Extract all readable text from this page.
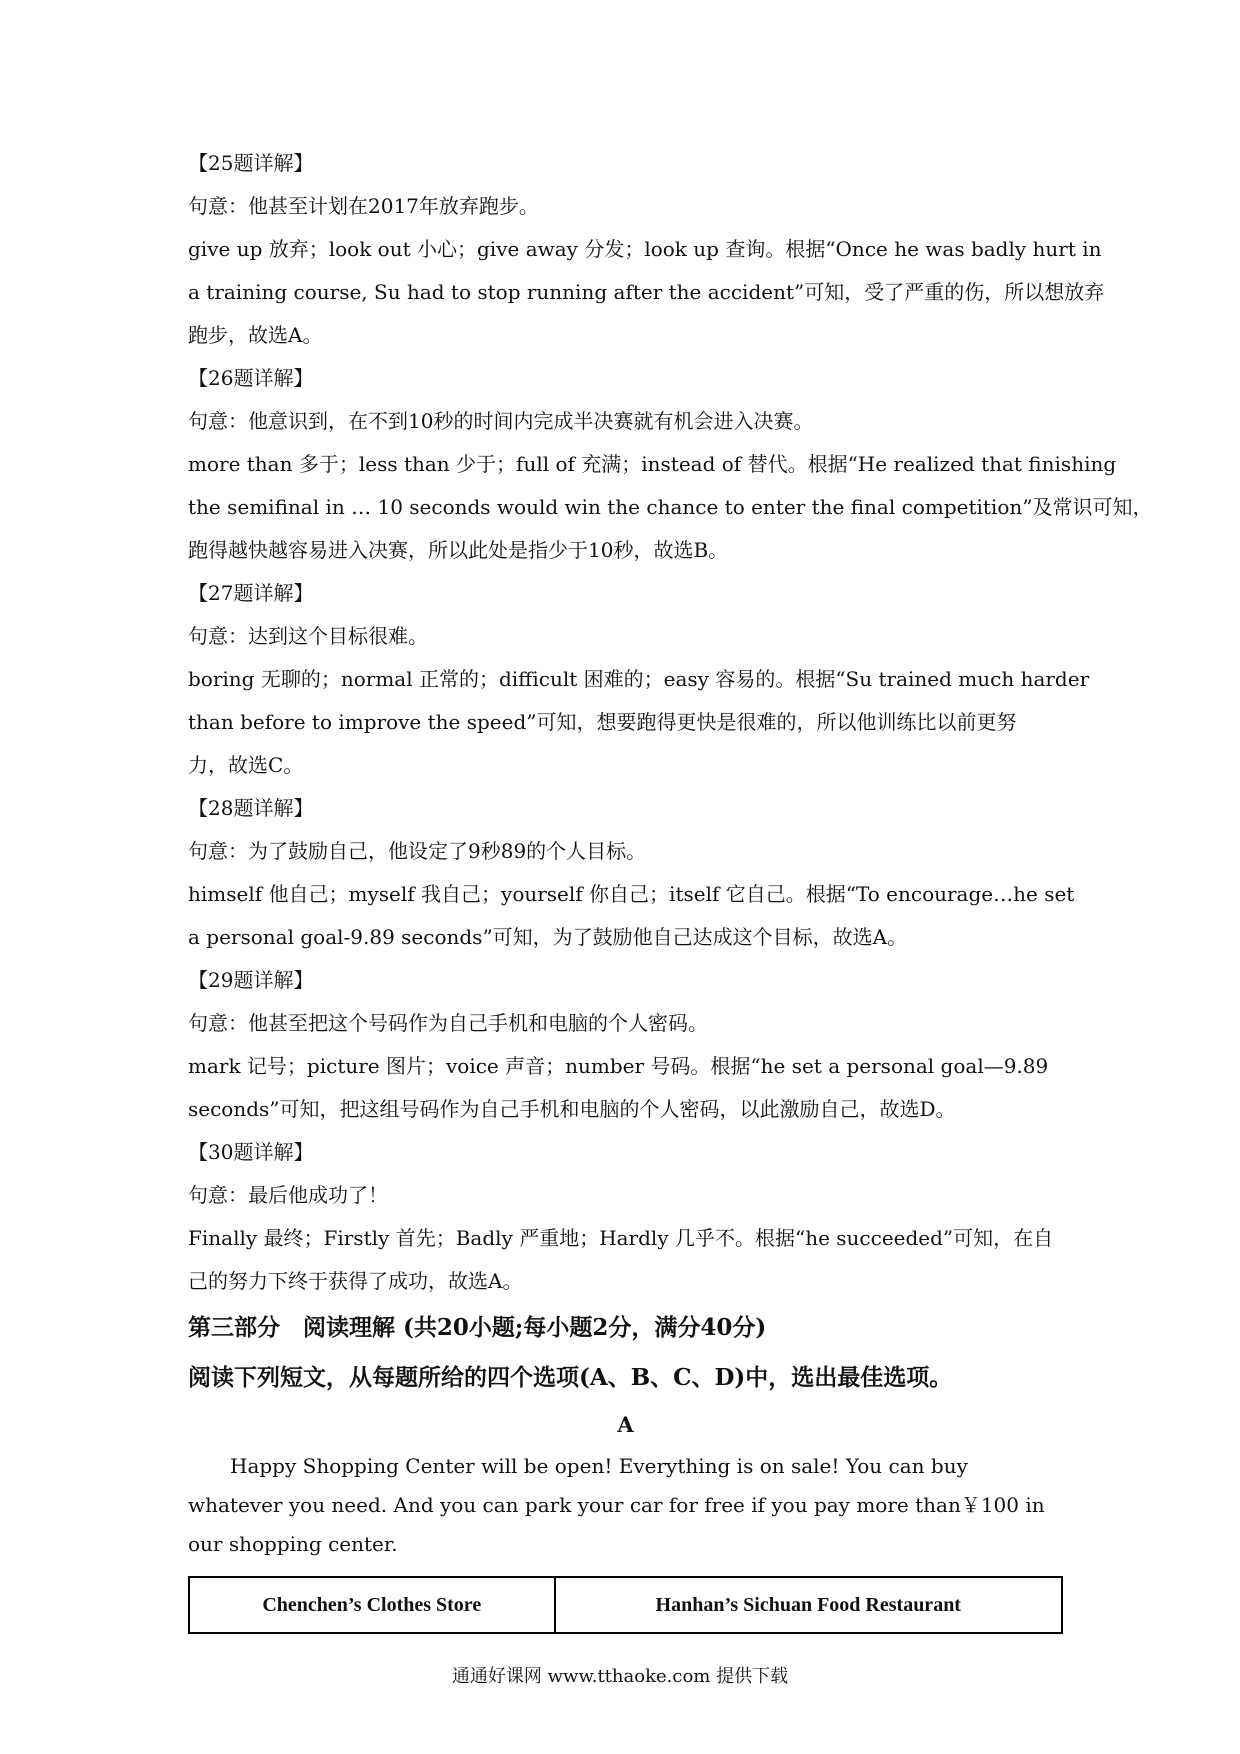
【25题详解】
句意：他甚至计划在2017年放弃跑步。
give up 放弃；look out 小心；give away 分发；look up 查询。根据“Once he was badly hurt in
a training course, Su had to stop running after the accident”可知，受了严重的伤，所以想放弃
跑步，故选A。
【26题详解】
句意：他意识到，在不到10秒的时间内完成半决赛就有机会进入决赛。
more than 多于；less than 少于；full of 充满；instead of 替代。根据“He realized that finishing
the semifinal in … 10 seconds would win the chance to enter the final competition”及常识可知，
跑得越快越容易进入决赛，所以此处是指少于10秒，故选B。
【27题详解】
句意：达到这个目标很难。
boring 无聊的；normal 正常的；difficult 困难的；easy 容易的。根据“Su trained much harder
than before to improve the speed”可知，想要跑得更快是很难的，所以他训练比以前更努
力，故选C。
【28题详解】
句意：为了鼓励自己，他设定了9秒89的个人目标。
himself 他自己；myself 我自己；yourself 你自己；itself 它自己。根据“To encourage…he set
a personal goal-9.89 seconds”可知，为了鼓励他自己达成这个目标，故选A。
【29题详解】
句意：他甚至把这个号码作为自己手机和电脑的个人密码。
mark 记号；picture 图片；voice 声音；number 号码。根据“he set a personal goal—9.89
seconds”可知，把这组号码作为自己手机和电脑的个人密码，以此激励自己，故选D。
【30题详解】
句意：最后他成功了！
Finally 最终；Firstly 首先；Badly 严重地；Hardly 几乎不。根据“he succeeded”可知，在自
己的努力下终于获得了成功，故选A。
第三部分　阅读理解 (共20小题;每小题2分，满分40分)
阅读下列短文，从每题所给的四个选项(A、B、C、D)中，选出最佳选项。
A
Happy Shopping Center will be open! Everything is on sale! You can buy whatever you need. And you can park your car for free if you pay more than￥100 in our shopping center.
Chenchen’s Clothes Store	Hanhan’s Sichuan Food Restaurant
通通好课网 www.tthaoke.com 提供下载
